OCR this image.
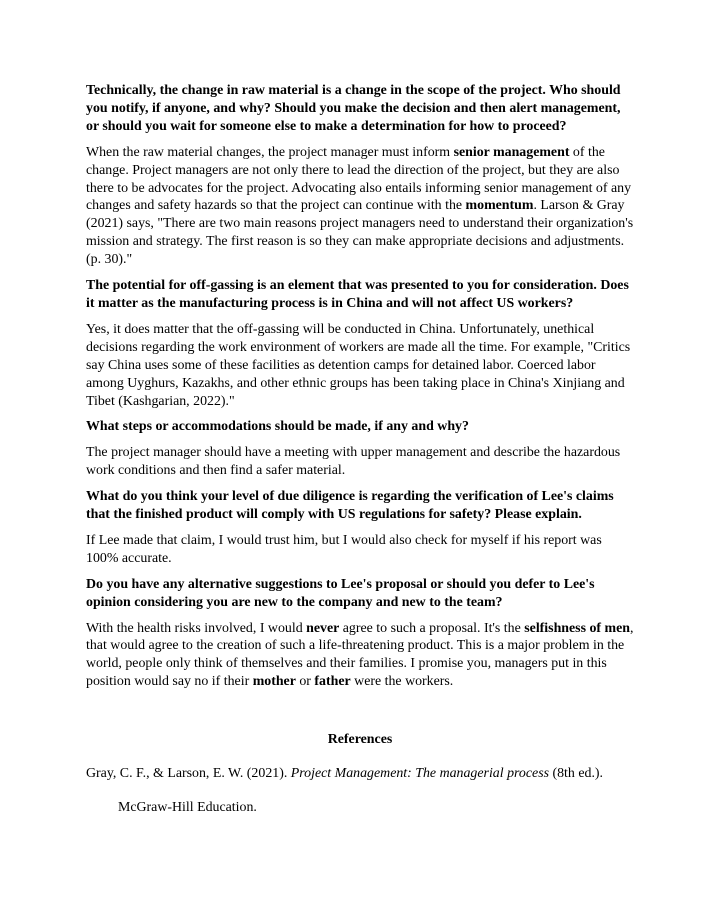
Technically, the change in raw material is a change in the scope of the project. Who should you notify, if anyone, and why? Should you make the decision and then alert management, or should you wait for someone else to make a determination for how to proceed?

When the raw material changes, the project manager must inform senior management of the change. Project managers are not only there to lead the direction of the project, but they are also there to be advocates for the project. Advocating also entails informing senior management of any changes and safety hazards so that the project can continue with the momentum. Larson & Gray (2021) says, "There are two main reasons project managers need to understand their organization's mission and strategy. The first reason is so they can make appropriate decisions and adjustments. (p. 30)."

The potential for off-gassing is an element that was presented to you for consideration. Does it matter as the manufacturing process is in China and will not affect US workers?

Yes, it does matter that the off-gassing will be conducted in China. Unfortunately, unethical decisions regarding the work environment of workers are made all the time. For example, "Critics say China uses some of these facilities as detention camps for detained labor. Coerced labor among Uyghurs, Kazakhs, and other ethnic groups has been taking place in China's Xinjiang and Tibet (Kashgarian, 2022)."

What steps or accommodations should be made, if any and why?

The project manager should have a meeting with upper management and describe the hazardous work conditions and then find a safer material.

What do you think your level of due diligence is regarding the verification of Lee's claims that the finished product will comply with US regulations for safety? Please explain.

If Lee made that claim, I would trust him, but I would also check for myself if his report was 100% accurate.

Do you have any alternative suggestions to Lee's proposal or should you defer to Lee's opinion considering you are new to the company and new to the team?

With the health risks involved, I would never agree to such a proposal. It's the selfishness of men, that would agree to the creation of such a life-threatening product. This is a major problem in the world, people only think of themselves and their families. I promise you, managers put in this position would say no if their mother or father were the workers.

References

Gray, C. F., & Larson, E. W. (2021). Project Management: The managerial process (8th ed.).

McGraw-Hill Education.
